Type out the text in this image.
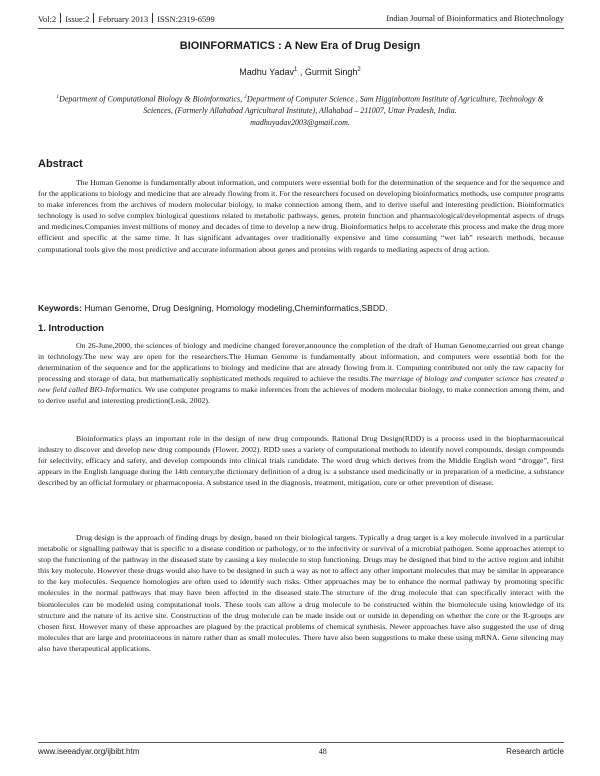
Vol:2 Issue:2 February 2013 ISSN:2319-6599	Indian Journal of Bioinformatics and Biotechnology
BIOINFORMATICS : A New Era of Drug Design
Madhu Yadav$^1$ , Gurmit Singh$^2$
$^1$Department of Computational Biology & Bioinformatics, $^2$Department of Computer Science , Sam Higginbottom Institute of Agriculture, Technology & Sciences, (Formerly Allahabad Agricultural Institute), Allahabad – 211007, Uttar Pradesh, India.
madhuyadav2003@gmail.com.
Abstract

The Human Genome is fundamentally about information, and computers were essential both for the determination of the sequence and for the sequence and for the applications to biology and medicine that are already flowing from it. For the researchers focused on developing bioinformatics methods, use computer programs to make inferences from the archives of modern molecular biology, to make connection among them, and to derive useful and interesting prediction. Bioinformatics technology is used to solve complex biological questions related to metabolic pathways, genes, protein function and pharmacological/developmental aspects of drugs and medicines.Companies invest millions of money and decades of time to develop a new drug. Bioinformatics helps to accelerate this process and make the drug more efficient and specific at the same time. It has significant advantages over traditionally expensive and time consuming “wet lab” research methods, because computational tools give the most predictive and accurate information about genes and proteins with regards to mediating aspects of drug action.

Keywords: Human Genome, Drug Designing, Homology modeling,Cheminformatics,SBDD.
1. Introduction

On 26-June,2000, the sciences of biology and medicine changed forever,announce the completion of the draft of Human Genome,carried out great change in technology.The new way are open for the researchers.The Human Genome is fundamentally about information, and computers were essential both for the determination of the sequence and for the applications to biology and medicine that are already flowing from it. Computing contributed not only the raw capacity for processing and storage of data, but mathematically sophisticated methods required to achieve the results.The marriage of biology and computer science has created a new field called BIO-Informatics. We use computer programs to make inferences from the achieves of modern molecular biology, to make connection among them, and to derive useful and interesting prediction(Lesk, 2002).

Bioinformatics plays an important role in the design of new drug compounds. Rational Drug Design(RDD) is a process used in the biopharmaceutical industry to discover and develop new drug compounds (Flower, 2002). RDD uses a variety of computational methods to identify novel compounds, design compounds for selectivity, efficacy and safety, and develop compounds into clinical trials candidate. The word drug which derives from the Middle English word “drogge”, first appears in the English language during the 14th century,the dictionary definition of a drug is: a substance used medicinally or in preparation of a medicine, a substance described by an official formulary or pharmacopoeia. A substance used in the diagnosis, treatment, mitigation, cure or other prevention of disease.

Drug design is the approach of finding drugs by design, based on their biological targets. Typically a drug target is a key molecule involved in a particular metabolic or signalling pathway that is specific to a disease condition or pathology, or to the infectivity or survival of a microbial pathogen. Some approaches attempt to stop the functioning of the pathway in the diseased state by causing a key molecule to stop functioning. Drugs may be designed that bind to the active region and inhibit this key molecule. However these drugs would also have to be designed in such a way as not to affect any other important molecules that may be similar in appearance to the key molecules. Sequence homologies are often used to identify such risks. Other approaches may be to enhance the normal pathway by promoting specific molecules in the normal pathways that may have been affected in the diseased state.The structure of the drug molecule that can specifically interact with the biomolecules can be modeled using computational tools. These tools can allow a drug molecule to be constructed within the biomolecule using knowledge of its structure and the nature of its active site. Construction of the drug molecule can be made inside out or outside in depending on whether the core or the R-groups are chosen first. However many of these approaches are plagued by the practical problems of chemical synthesis. Newer approaches have also suggested the use of drug molecules that are large and proteinaceous in nature rather than as small molecules. There have also been suggestions to make these using mRNA. Gene silencing may also have therapeutical applications.

www.iseeadyar.org/ijbibt.htm	48	Research article
